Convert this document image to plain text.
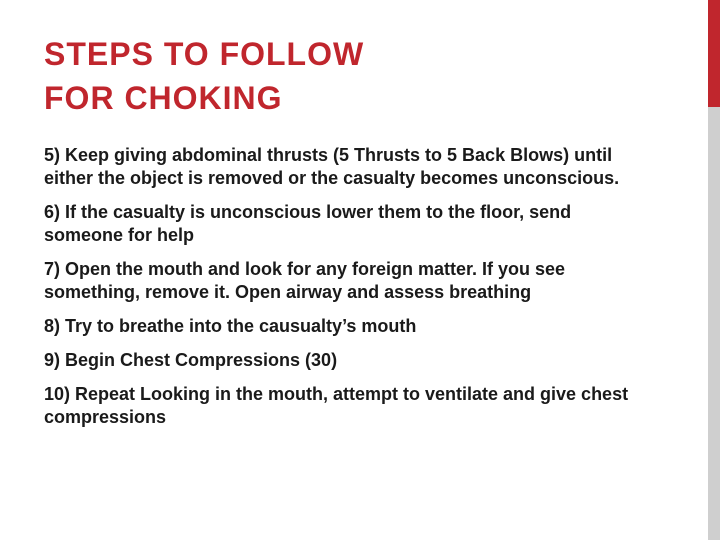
STEPS TO FOLLOW
FOR CHOKING
5) Keep giving abdominal thrusts (5 Thrusts to 5 Back Blows) until either the object is removed or the casualty becomes unconscious.
6) If the casualty is unconscious lower them to the floor, send someone for help
7) Open the mouth and look for any foreign matter. If you see something, remove it. Open airway and assess breathing
8) Try to breathe into the causualty’s mouth
9) Begin Chest Compressions (30)
10) Repeat Looking in the mouth, attempt to ventilate and give chest compressions
